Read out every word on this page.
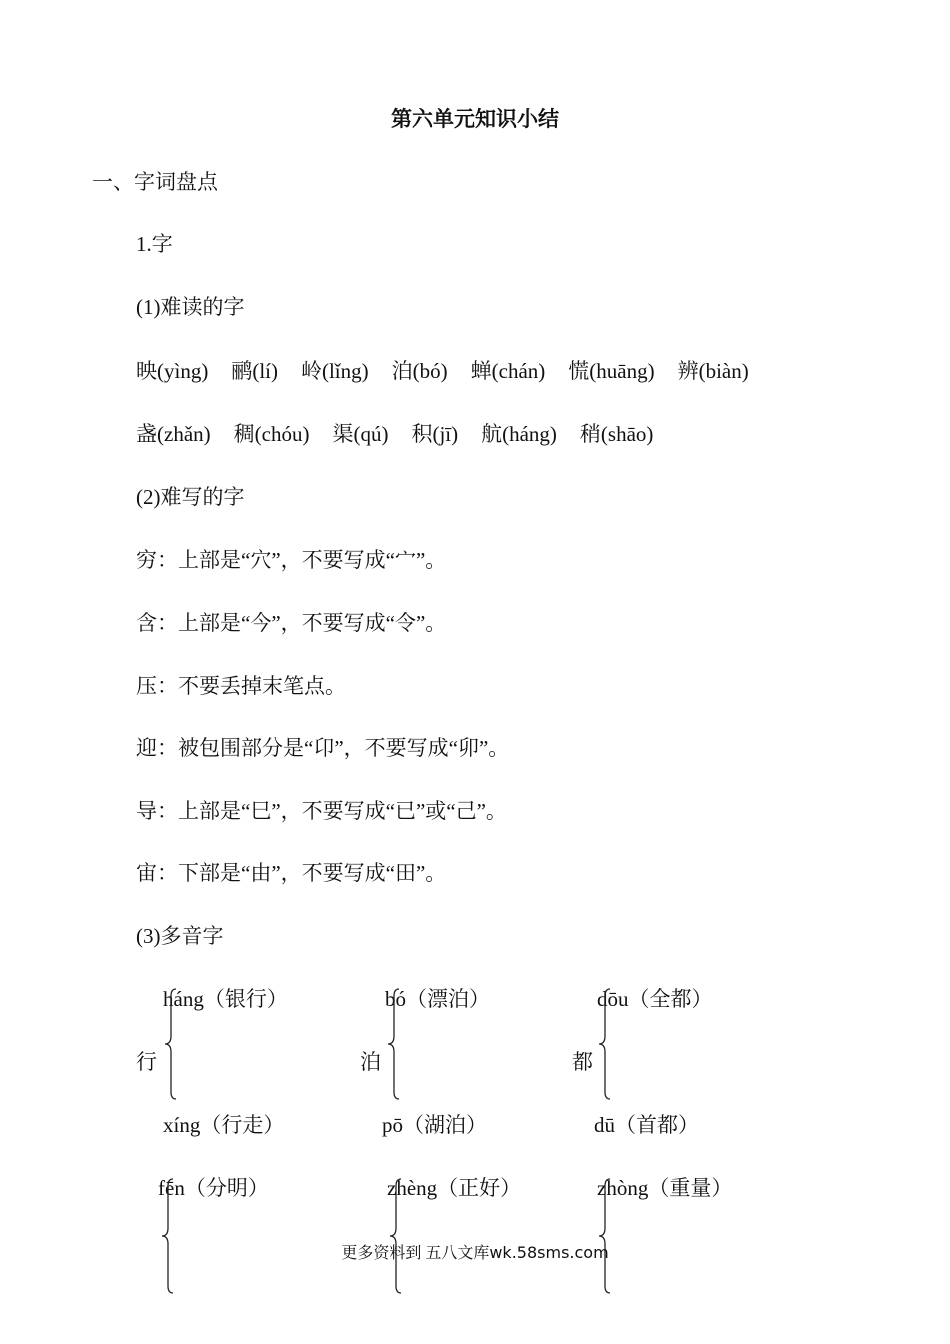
第六单元知识小结
一、字词盘点
1.字
(1)难读的字
映(yìng) 鹂(lí) 岭(lǐng) 泊(bó) 蝉(chán) 慌(huāng) 辨(biàn)
盏(zhǎn) 稠(chóu) 渠(qú) 积(jī) 航(háng) 稍(shāo)
(2)难写的字
穷：上部是“穴”，不要写成“宀”。
含：上部是“今”，不要写成“令”。
压：不要丢掉末笔点。
迎：被包围部分是“卬”，不要写成“卯”。
导：上部是“巳”，不要写成“已”或“己”。
宙：下部是“由”，不要写成“田”。
(3)多音字
háng（银行）
行
xíng（行走）
bó（漂泊）
泊
pō（湖泊）
dōu（全都）
都
dū（首都）
fēn（分明）	zhèng（正好）	zhòng（重量）
更多资料到 五八文库wk.58sms.com
